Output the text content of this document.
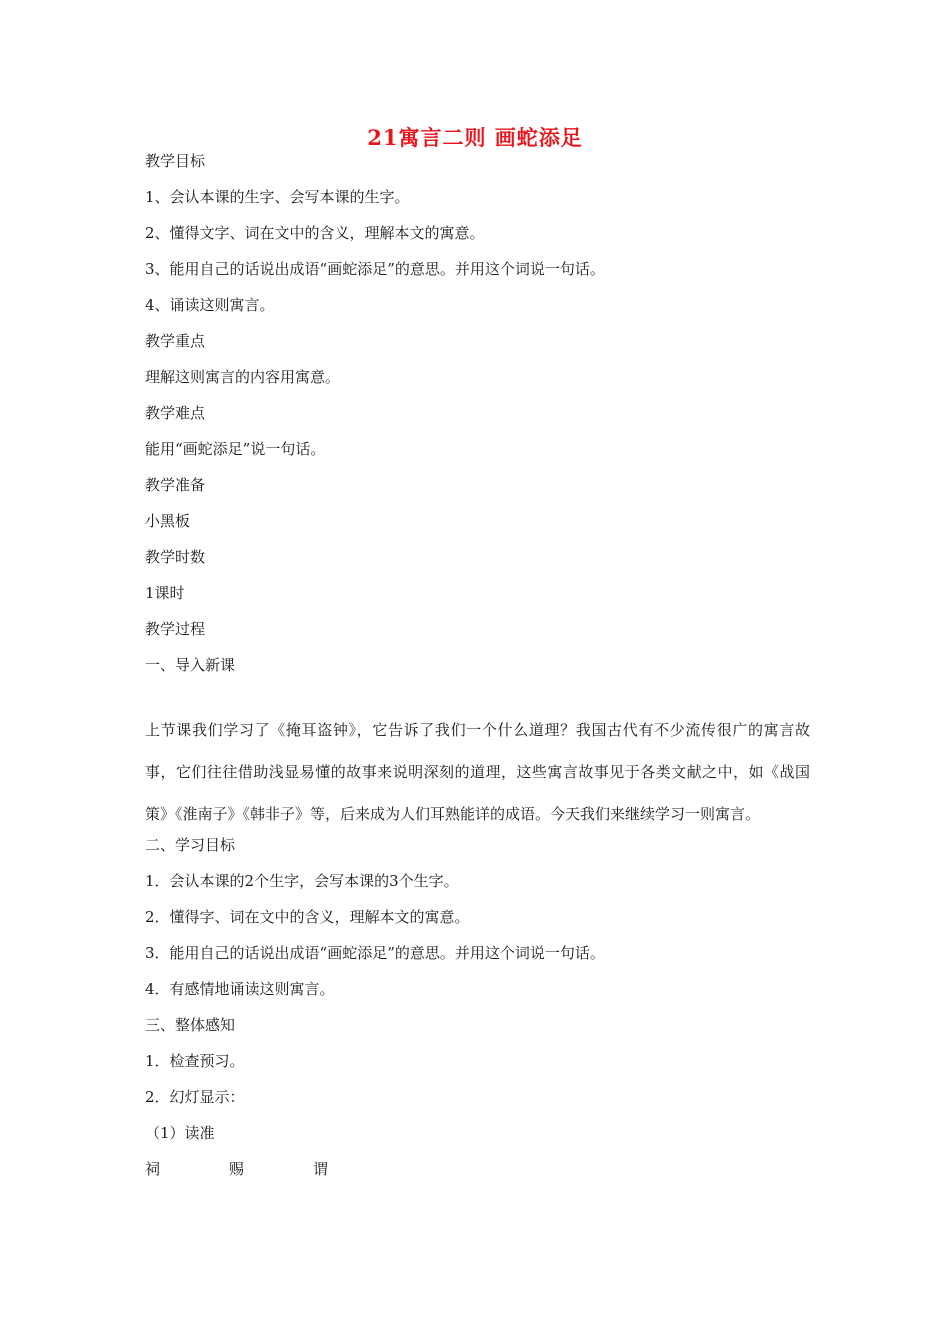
21寓言二则 画蛇添足
教学目标
1、会认本课的生字、会写本课的生字。
2、懂得文字、词在文中的含义，理解本文的寓意。
3、能用自己的话说出成语“画蛇添足”的意思。并用这个词说一句话。
4、诵读这则寓言。
教学重点
理解这则寓言的内容用寓意。
教学难点
能用“画蛇添足”说一句话。
教学准备
小黑板
教学时数
1课时
教学过程
一、导入新课

上节课我们学习了《掩耳盗钟》，它告诉了我们一个什么道理？我国古代有不少流传很广的寓言故事，它们往往借助浅显易懂的故事来说明深刻的道理，这些寓言故事见于各类文献之中，如《战国策》《淮南子》《韩非子》等，后来成为人们耳熟能详的成语。今天我们来继续学习一则寓言。

二、学习目标
1．会认本课的2个生字，会写本课的3个生字。
2．懂得字、词在文中的含义，理解本文的寓意。
3．能用自己的话说出成语“画蛇添足”的意思。并用这个词说一句话。
4．有感情地诵读这则寓言。
三、整体感知
1．检查预习。
2．幻灯显示：
（1）读准
祠	赐	谓
